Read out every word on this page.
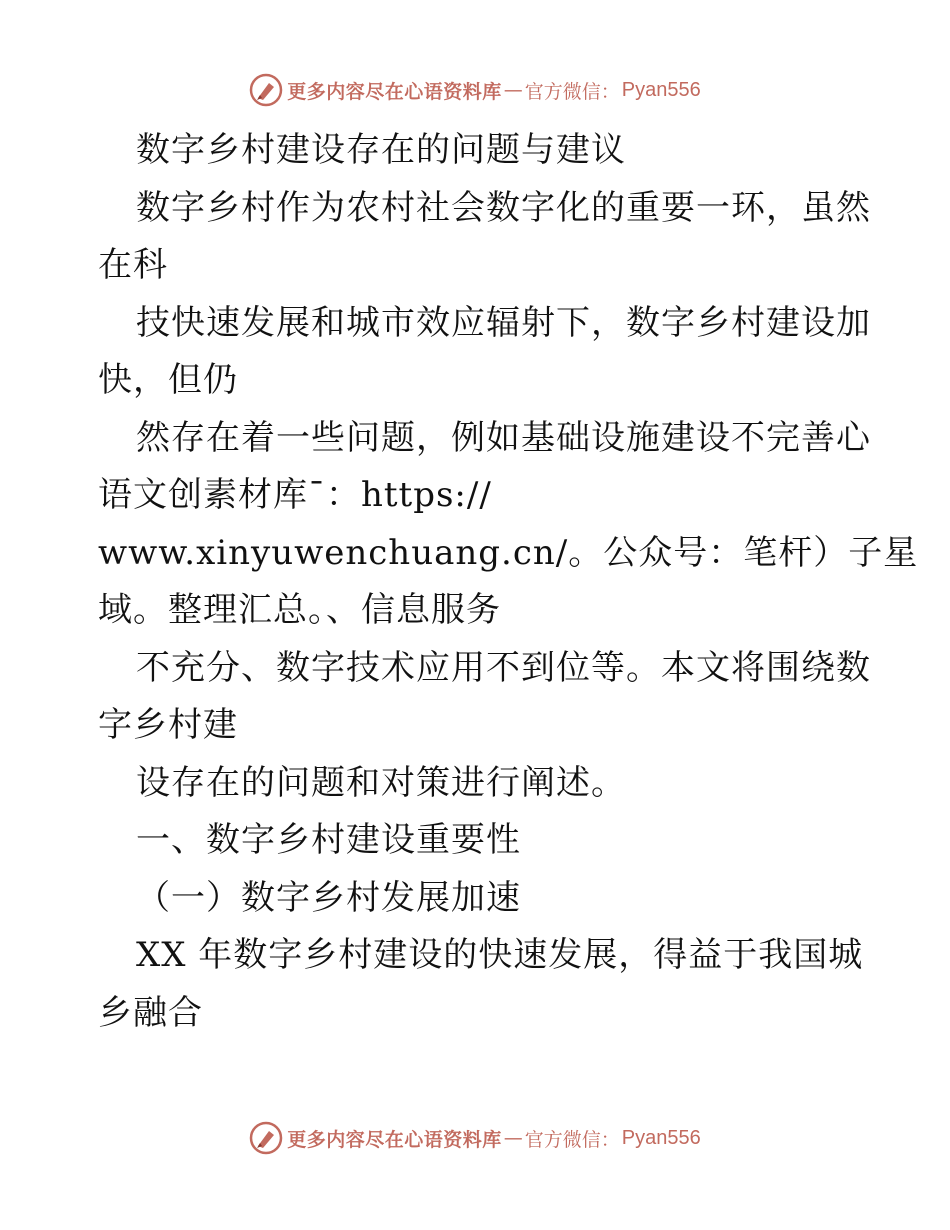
更多内容尽在心语资料库 — 官方微信： Pyan556
数字乡村建设存在的问题与建议
数字乡村作为农村社会数字化的重要一环，虽然
在科
技快速发展和城市效应辐射下，数字乡村建设加
快，但仍
然存在着一些问题，例如基础设施建设不完善心
语文创素材库¯：https://
www.xinyuwenchuang.cn/。公众号：笔杆）子星
域。整理汇总。、信息服务
不充分、数字技术应用不到位等。本文将围绕数
字乡村建
设存在的问题和对策进行阐述。
一、数字乡村建设重要性
（一）数字乡村发展加速
XX 年数字乡村建设的快速发展，得益于我国城
乡融合
更多内容尽在心语资料库 — 官方微信： Pyan556
